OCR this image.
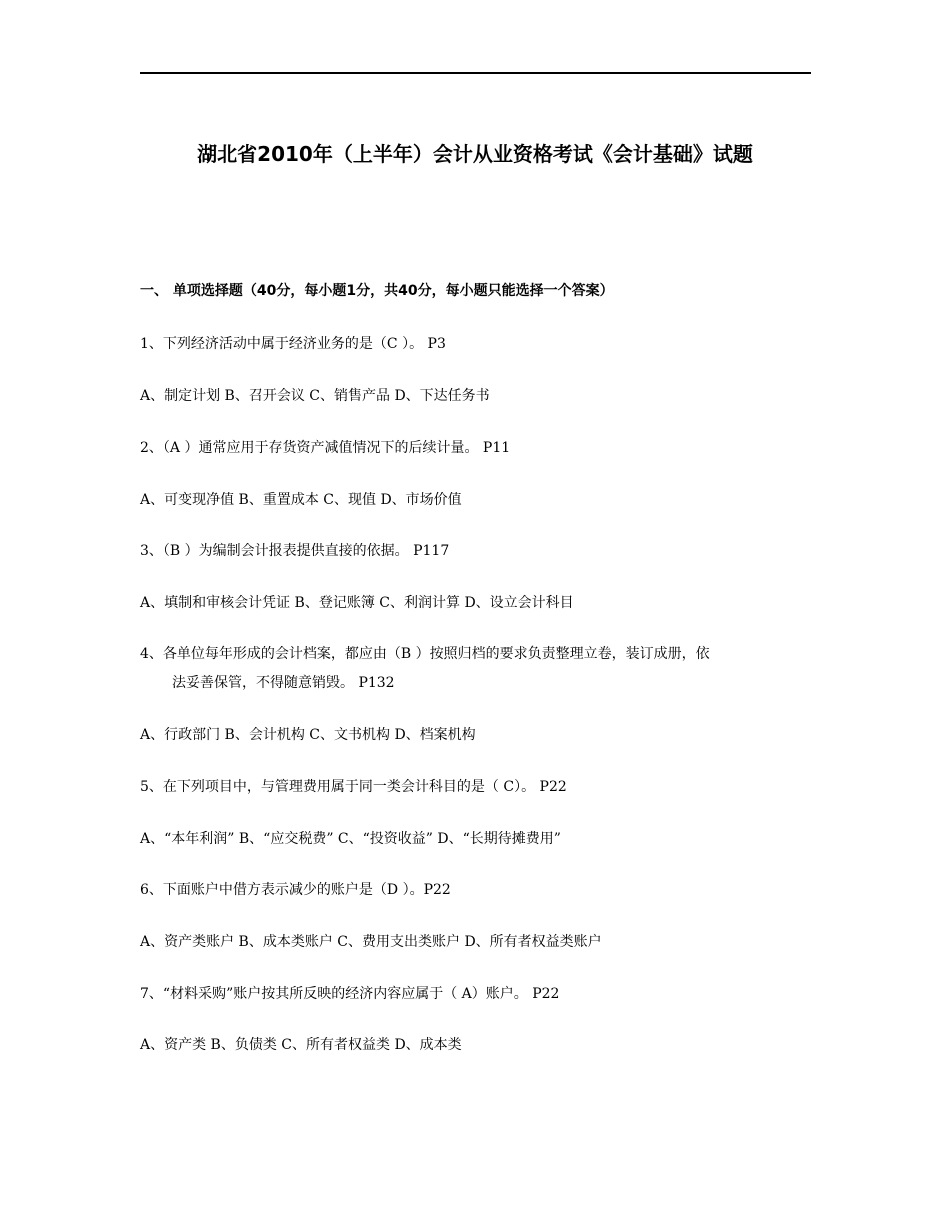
湖北省2010年（上半年）会计从业资格考试《会计基础》试题
一、 单项选择题（40分，每小题1分，共40分，每小题只能选择一个答案）
1、下列经济活动中属于经济业务的是（C ）。 P3
A、制定计划 B、召开会议 C、销售产品 D、下达任务书
2、（A ）通常应用于存货资产减值情况下的后续计量。 P11
A、可变现净值 B、重置成本 C、现值 D、市场价值
3、（B ）为编制会计报表提供直接的依据。 P117
A、填制和审核会计凭证 B、登记账簿 C、利润计算 D、设立会计科目
4、各单位每年形成的会计档案，都应由（B ）按照归档的要求负责整理立卷，装订成册，依
法妥善保管，不得随意销毁。 P132
A、行政部门 B、会计机构 C、文书机构 D、档案机构
5、在下列项目中，与管理费用属于同一类会计科目的是（ C）。 P22
A、“本年利润” B、“应交税费” C、“投资收益” D、“长期待摊费用”
6、下面账户中借方表示减少的账户是（D ）。P22
A、资产类账户 B、成本类账户 C、费用支出类账户 D、所有者权益类账户
7、“材料采购”账户按其所反映的经济内容应属于（ A）账户。 P22
A、资产类 B、负债类 C、所有者权益类 D、成本类
